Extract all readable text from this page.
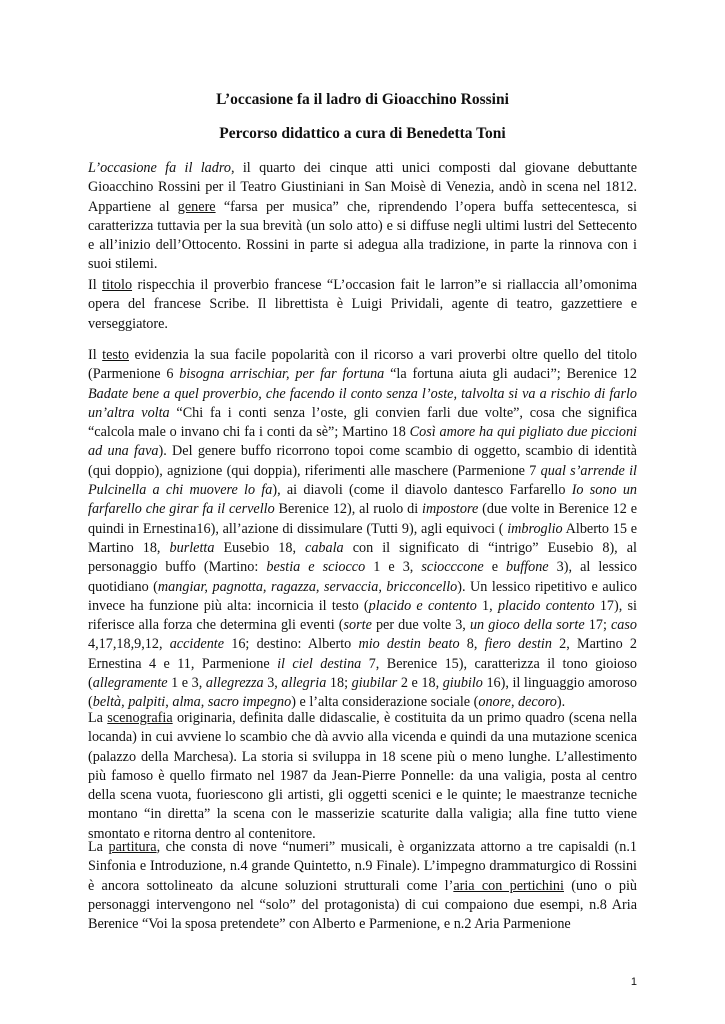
L’occasione fa il ladro di Gioacchino Rossini
Percorso didattico a cura di Benedetta Toni

L’occasione fa il ladro, il quarto dei cinque atti unici composti dal giovane debuttante Gioacchino Rossini per il Teatro Giustiniani in San Moisè di Venezia, andò in scena nel 1812. Appartiene al genere “farsa per musica” che, riprendendo l’opera buffa settecentesca, si caratterizza tuttavia per la sua brevità (un solo atto) e si diffuse negli ultimi lustri del Settecento e all’inizio dell’Ottocento. Rossini in parte si adegua alla tradizione, in parte la rinnova con i suoi stilemi.

Il titolo rispecchia il proverbio francese “L’occasion fait le larron”e si riallaccia all’omonima opera del francese Scribe. Il librettista è Luigi Prividali, agente di teatro, gazzettiere e verseggiatore.

Il testo evidenzia la sua facile popolarità con il ricorso a vari proverbi oltre quello del titolo (Parmenione 6 bisogna arrischiar, per far fortuna “la fortuna aiuta gli audaci”; Berenice 12 Badate bene a quel proverbio, che facendo il conto senza l’oste, talvolta si va a rischio di farlo un’altra volta “Chi fa i conti senza l’oste, gli convien farli due volte”, cosa che significa “calcola male o invano chi fa i conti da sè”; Martino 18 Così amore ha qui pigliato due piccioni ad una fava). Del genere buffo ricorrono topoi come scambio di oggetto, scambio di identità (qui doppio), agnizione (qui doppia), riferimenti alle maschere (Parmenione 7 qual s’arrende il Pulcinella a chi muovere lo fa), ai diavoli (come il diavolo dantesco Farfarello Io sono un farfarello che girar fa il cervello Berenice 12), al ruolo di impostore (due volte in Berenice 12 e quindi in Ernestina16), all’azione di dissimulare (Tutti 9), agli equivoci ( imbroglio Alberto 15 e Martino 18, burletta Eusebio 18, cabala con il significato di “intrigo” Eusebio 8), al personaggio buffo (Martino: bestia e sciocco 1 e 3, sciocccone e buffone 3), al lessico quotidiano (mangiar, pagnotta, ragazza, servaccia, bricconcello). Un lessico ripetitivo e aulico invece ha funzione più alta: incornicia il testo (placido e contento 1, placido contento 17), si riferisce alla forza che determina gli eventi (sorte per due volte 3, un gioco della sorte 17; caso 4,17,18,9,12, accidente 16; destino: Alberto mio destin beato 8, fiero destin 2, Martino 2 Ernestina 4 e 11, Parmenione il ciel destina 7, Berenice 15), caratterizza il tono gioioso (allegramente 1 e 3, allegrezza 3, allegria 18; giubilar 2 e 18, giubilo 16), il linguaggio amoroso (beltà, palpiti, alma, sacro impegno) e l’alta considerazione sociale (onore, decoro).

La scenografia originaria, definita dalle didascalie, è costituita da un primo quadro (scena nella locanda) in cui avviene lo scambio che dà avvio alla vicenda e quindi da una mutazione scenica (palazzo della Marchesa). La storia si sviluppa in 18 scene più o meno lunghe. L’allestimento più famoso è quello firmato nel 1987 da Jean-Pierre Ponnelle: da una valigia, posta al centro della scena vuota, fuoriescono gli artisti, gli oggetti scenici e le quinte; le maestranze tecniche montano “in diretta” la scena con le masserizie scaturite dalla valigia; alla fine tutto viene smontato e ritorna dentro al contenitore.

La partitura, che consta di nove “numeri” musicali, è organizzata attorno a tre capisaldi (n.1 Sinfonia e Introduzione, n.4 grande Quintetto, n.9 Finale). L’impegno drammaturgico di Rossini è ancora sottolineato da alcune soluzioni strutturali come l’aria con pertichini (uno o più personaggi intervengono nel “solo” del protagonista) di cui compaiono due esempi, n.8 Aria Berenice “Voi la sposa pretendete” con Alberto e Parmenione, e n.2 Aria Parmenione

1
